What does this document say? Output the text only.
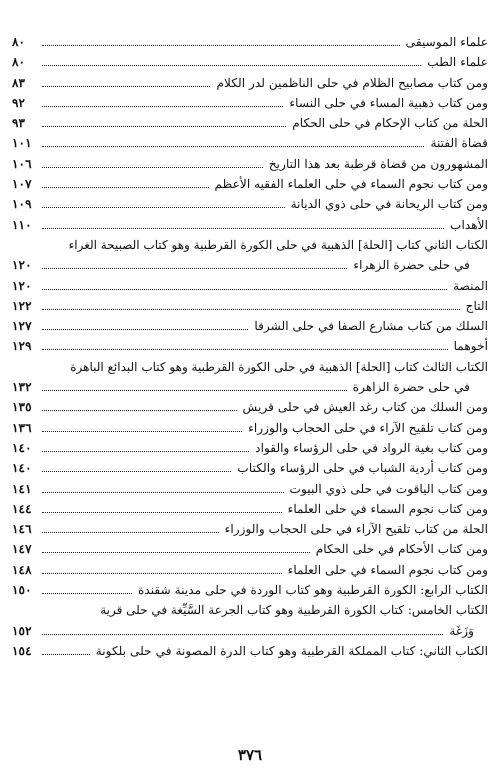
علماء الموسيقى
٨٠
علماء الطب
٨٠
ومن كتاب مصابيح الظلام في حلى الناظمين لدر الكلام
٨٣
ومن كتاب ذهبية المساء في حلى النساء
٩٢
الحلة من كتاب الإحكام في حلى الحكام
٩٣
قضاة الفتنة
١٠١
المشهورون من قضاة قرطبة بعد هذا التاريخ
١٠٦
ومن كتاب نجوم السماء في حلى العلماء الفقيه الأعظم
١٠٧
ومن كتاب الريحانة في حلى ذوي الديانة
١٠٩
الأهداب
١١٠
الكتاب الثاني كتاب [الحلة] الذهبية في حلى الكورة القرطبية وهو كتاب الصبيحة الغراء
في حلى حضرة الزهراء
١٢٠
المنصة
١٢٠
التاج
١٢٢
السلك من كتاب مشارع الصفا في حلى الشرفا
١٢٧
أخوهما
١٢٩
الكتاب الثالث كتاب [الحلة] الذهبية في حلى الكورة القرطبية وهو كتاب البدائع الباهرة
في حلى حضرة الزاهرة
١٣٢
ومن السلك من كتاب رغد العيش في حلى قريش
١٣٥
ومن كتاب تلقيح الآراء في حلى الحجاب والوزراء
١٣٦
ومن كتاب بغية الرواد في حلى الرؤساء والقواد
١٤٠
ومن كتاب أردية الشباب في حلى الرؤساء والكتاب
١٤٠
ومن كتاب الياقوت في حلى ذوي البيوت
١٤١
ومن كتاب نجوم السماء في حلى العلماء
١٤٤
الحلة من كتاب تلقيح الآراء في حلى الحجاب والوزراء
١٤٦
ومن كتاب الأحكام في حلى الحكام
١٤٧
ومن كتاب نجوم السماء في حلى العلماء
١٤٨
الكتاب الرابع: الكورة القرطبية وهو كتاب الوردة في حلى مدينة شقندة
١٥٠
الكتاب الخامس: كتاب الكورة القرطبية وهو كتاب الجرعة السَّيِّغة في حلى قرية
وَزَغَة
١٥٢
الكتاب الثاني: كتاب المملكة القرطبية وهو كتاب الدرة المصونة في حلى بلكونة
١٥٤
٣٧٦
